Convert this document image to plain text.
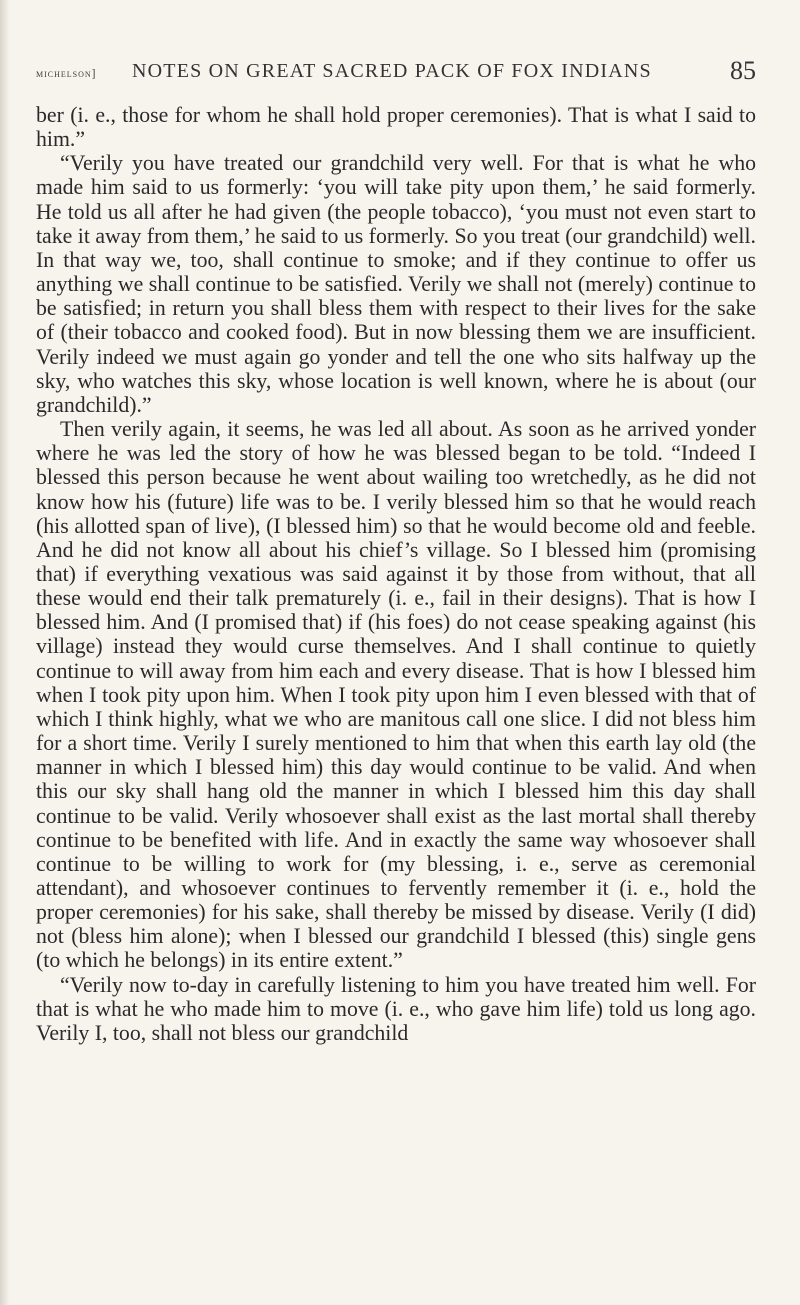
michelson] NOTES ON GREAT SACRED PACK OF FOX INDIANS	85

ber (i. e., those for whom he shall hold proper ceremonies). That is what I said to him.”

“Verily you have treated our grandchild very well. For that is what he who made him said to us formerly: ‘you will take pity upon them,’ he said formerly. He told us all after he had given (the people tobacco), ‘you must not even start to take it away from them,’ he said to us formerly. So you treat (our grandchild) well. In that way we, too, shall continue to smoke; and if they continue to offer us anything we shall continue to be satisfied. Verily we shall not (merely) continue to be satisfied; in return you shall bless them with respect to their lives for the sake of (their tobacco and cooked food). But in now blessing them we are insufficient. Verily indeed we must again go yonder and tell the one who sits halfway up the sky, who watches this sky, whose location is well known, where he is about (our grandchild).”

Then verily again, it seems, he was led all about. As soon as he arrived yonder where he was led the story of how he was blessed began to be told. “Indeed I blessed this person because he went about wailing too wretchedly, as he did not know how his (future) life was to be. I verily blessed him so that he would reach (his allotted span of live), (I blessed him) so that he would become old and feeble. And he did not know all about his chief’s village. So I blessed him (promising that) if everything vexatious was said against it by those from without, that all these would end their talk prematurely (i. e., fail in their designs). That is how I blessed him. And (I promised that) if (his foes) do not cease speaking against (his village) instead they would curse themselves. And I shall continue to quietly continue to will away from him each and every disease. That is how I blessed him when I took pity upon him. When I took pity upon him I even blessed with that of which I think highly, what we who are manitous call one slice. I did not bless him for a short time. Verily I surely mentioned to him that when this earth lay old (the manner in which I blessed him) this day would continue to be valid. And when this our sky shall hang old the manner in which I blessed him this day shall continue to be valid. Verily whosoever shall exist as the last mortal shall thereby continue to be benefited with life. And in exactly the same way whosoever shall continue to be willing to work for (my blessing, i. e., serve as ceremonial attendant), and whosoever continues to fervently remember it (i. e., hold the proper ceremonies) for his sake, shall thereby be missed by disease. Verily (I did) not (bless him alone); when I blessed our grandchild I blessed (this) single gens (to which he belongs) in its entire extent.”

“Verily now to-day in carefully listening to him you have treated him well. For that is what he who made him to move (i. e., who gave him life) told us long ago. Verily I, too, shall not bless our grandchild
